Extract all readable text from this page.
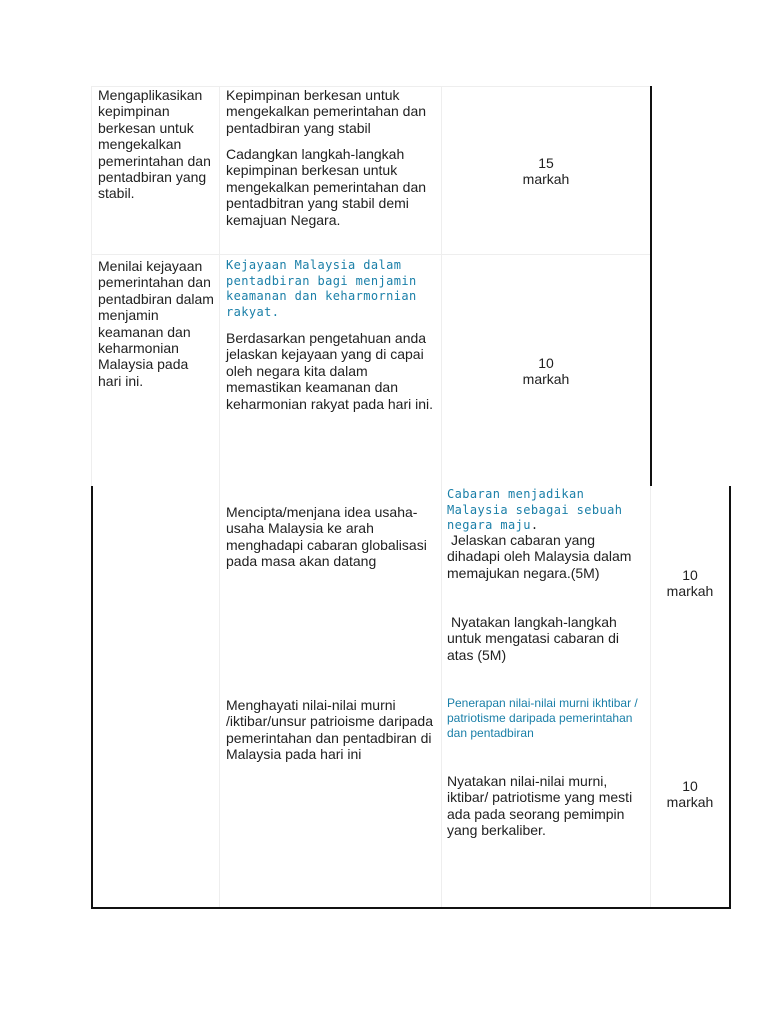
Mengaplikasikan kepimpinan berkesan untuk mengekalkan pemerintahan dan pentadbiran yang stabil.
Kepimpinan berkesan untuk mengekalkan pemerintahan dan pentadbiran yang stabil
Cadangkan langkah-langkah kepimpinan berkesan untuk mengekalkan pemerintahan dan pentadbitran yang stabil demi kemajuan Negara.
15
markah
Menilai kejayaan pemerintahan dan pentadbiran dalam menjamin keamanan dan keharmonian Malaysia pada hari ini.
Kejayaan Malaysia dalam pentadbiran bagi menjamin keamanan dan keharmornian rakyat.
Berdasarkan pengetahuan anda jelaskan kejayaan yang di capai oleh negara kita dalam memastikan keamanan dan keharmonian rakyat pada hari ini.
10
markah
Mencipta/menjana idea usaha-usaha Malaysia ke arah menghadapi cabaran globalisasi pada masa akan datang
Cabaran menjadikan Malaysia sebagai sebuah negara maju.
Jelaskan cabaran yang dihadapi oleh Malaysia dalam memajukan negara.(5M)
Nyatakan langkah-langkah untuk mengatasi cabaran di atas (5M)
10
markah
Menghayati nilai-nilai murni /iktibar/unsur patrioisme daripada pemerintahan dan pentadbiran di Malaysia pada hari ini
Penerapan nilai-nilai murni ikhtibar / patriotisme daripada pemerintahan dan pentadbiran
Nyatakan nilai-nilai murni, iktibar/ patriotisme yang mesti ada pada seorang pemimpin yang berkaliber.
10
markah
